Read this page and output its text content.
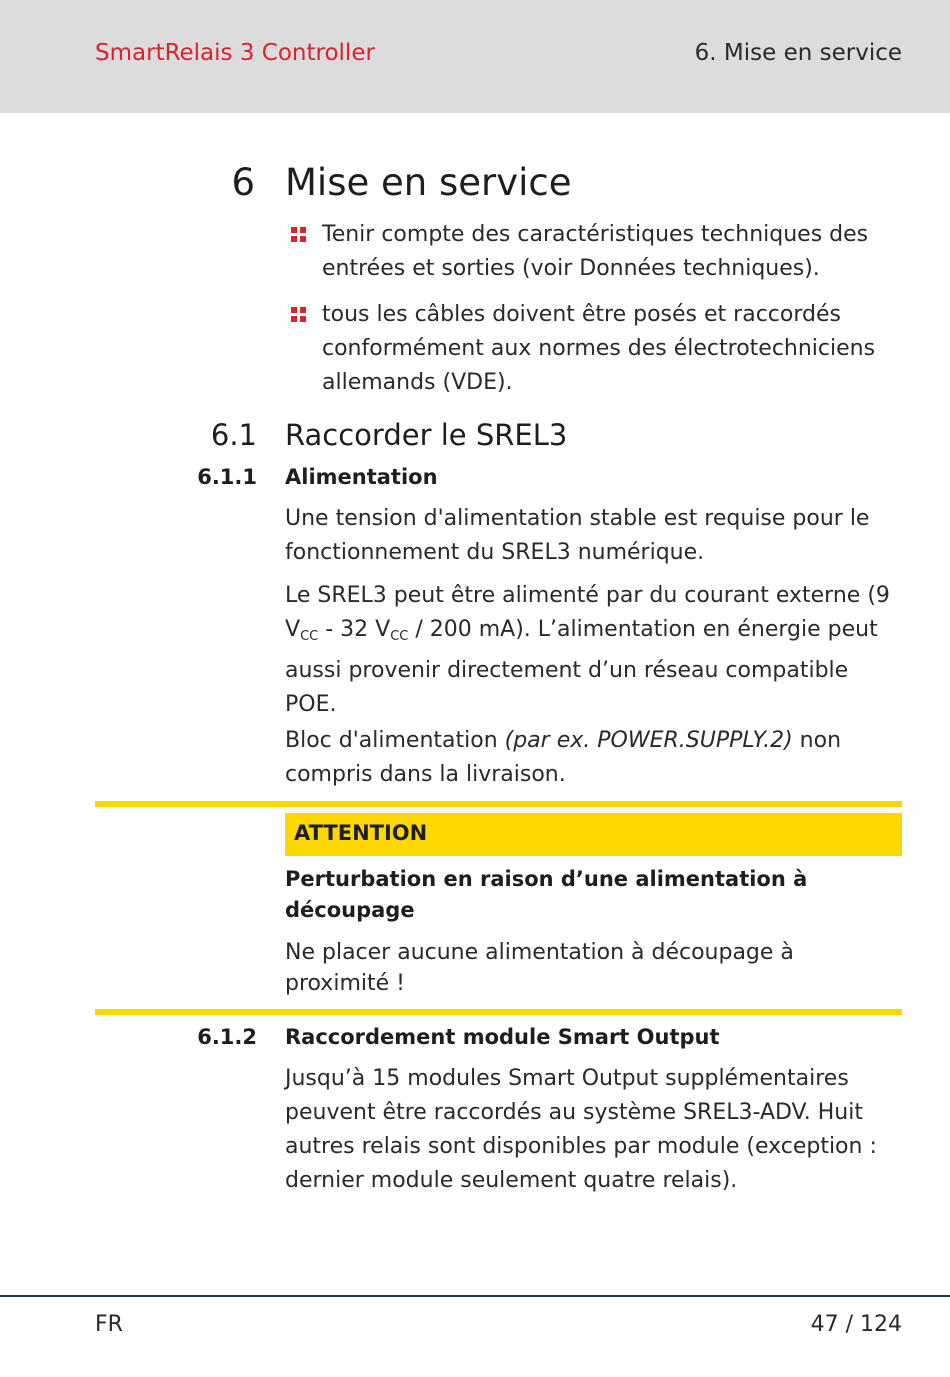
SmartRelais 3 Controller	6. Mise en service
6 Mise en service
Tenir compte des caractéristiques techniques des entrées et sorties (voir Données techniques).
tous les câbles doivent être posés et raccordés conformément aux normes des électrotechniciens allemands (VDE).
6.1 Raccorder le SREL3
6.1.1 Alimentation
Une tension d'alimentation stable est requise pour le fonctionnement du SREL3 numérique.
Le SREL3 peut être alimenté par du courant externe (9 $V_{CC} - 32$ $V_{CC} / 200$ mA). L’alimentation en énergie peut aussi provenir directement d’un réseau compatible POE.
Bloc d'alimentation (par ex. POWER.SUPPLY.2) non compris dans la livraison.
ATTENTION
Perturbation en raison d’une alimentation à découpage
Ne placer aucune alimentation à découpage à proximité !
6.1.2 Raccordement module Smart Output
Jusqu’à 15 modules Smart Output supplémentaires peuvent être raccordés au système SREL3-ADV. Huit autres relais sont disponibles par module (exception : dernier module seulement quatre relais).
FR	47 / 124
